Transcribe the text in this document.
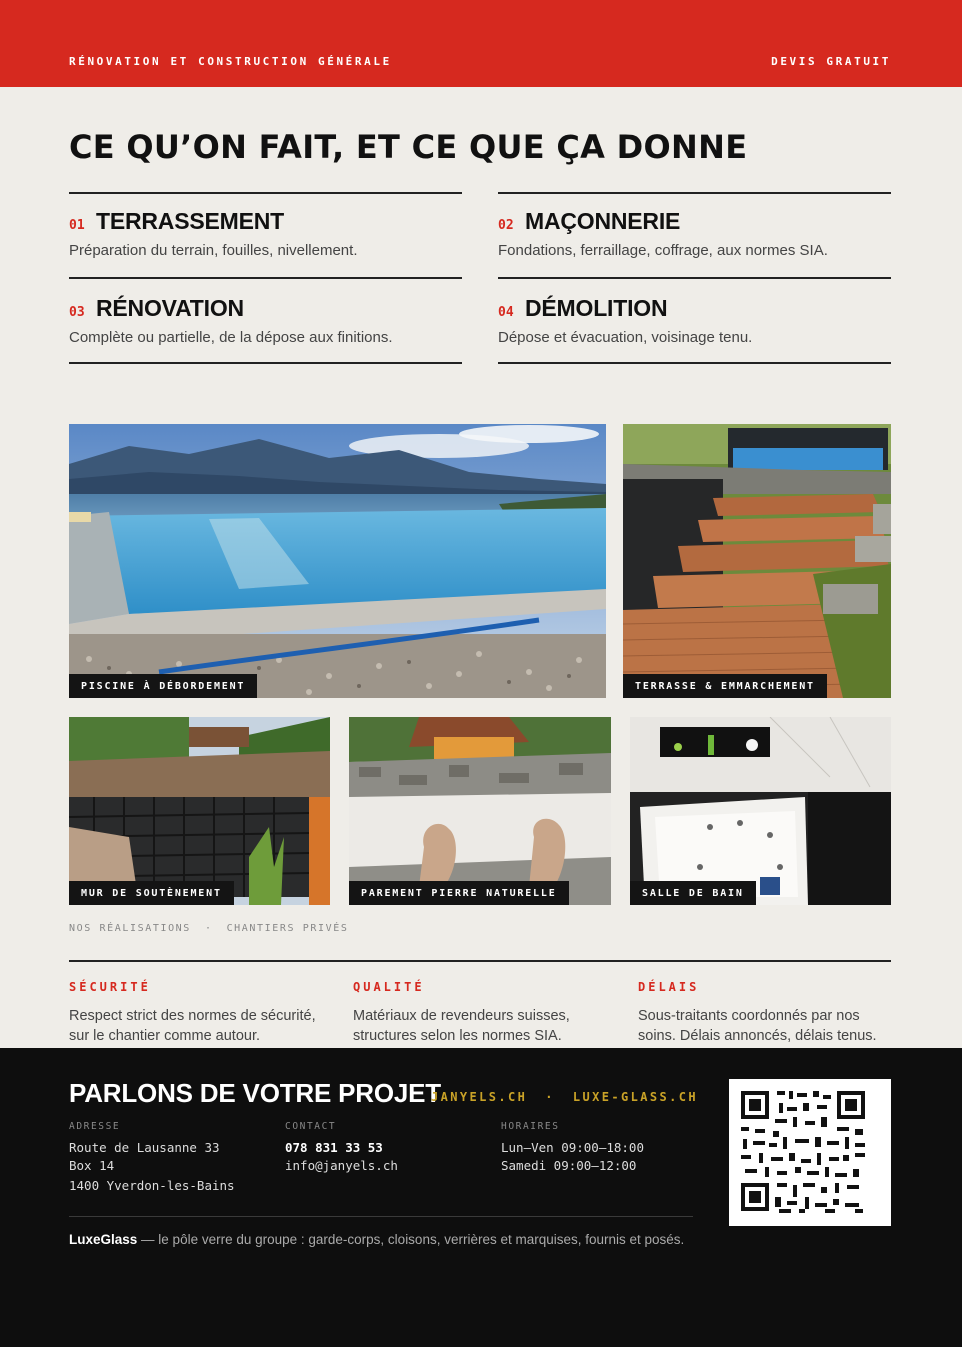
RÉNOVATION ET CONSTRUCTION GÉNÉRALE	DEVIS GRATUIT
CE QU’ON FAIT, ET CE QUE ÇA DONNE
01 TERRASSEMENT
Préparation du terrain, fouilles, nivellement.
02 MAÇONNERIE
Fondations, ferraillage, coffrage, aux normes SIA.
03 RÉNOVATION
Complète ou partielle, de la dépose aux finitions.
04 DÉMOLITION
Dépose et évacuation, voisinage tenu.
PISCINE À DÉBORDEMENT	TERRASSE & EMMARCHEMENT
MUR DE SOUTÈNEMENT	PAREMENT PIERRE NATURELLE	SALLE DE BAIN
NOS RÉALISATIONS · CHANTIERS PRIVÉS
SÉCURITÉ
Respect strict des normes de sécurité,
sur le chantier comme autour.
QUALITÉ
Matériaux de revendeurs suisses,
structures selon les normes SIA.
DÉLAIS
Sous-traitants coordonnés par nos
soins. Délais annoncés, délais tenus.
PARLONS DE VOTRE PROJET
JANYELS.CH · LUXE-GLASS.CH
ADRESSE
Route de Lausanne 33
Box 14
1400 Yverdon-les-Bains
CONTACT
078 831 33 53
info@janyels.ch
HORAIRES
Lun–Ven 09:00–18:00
Samedi 09:00–12:00
LuxeGlass — le pôle verre du groupe : garde-corps, cloisons, verrières et marquises, fournis et posés.
